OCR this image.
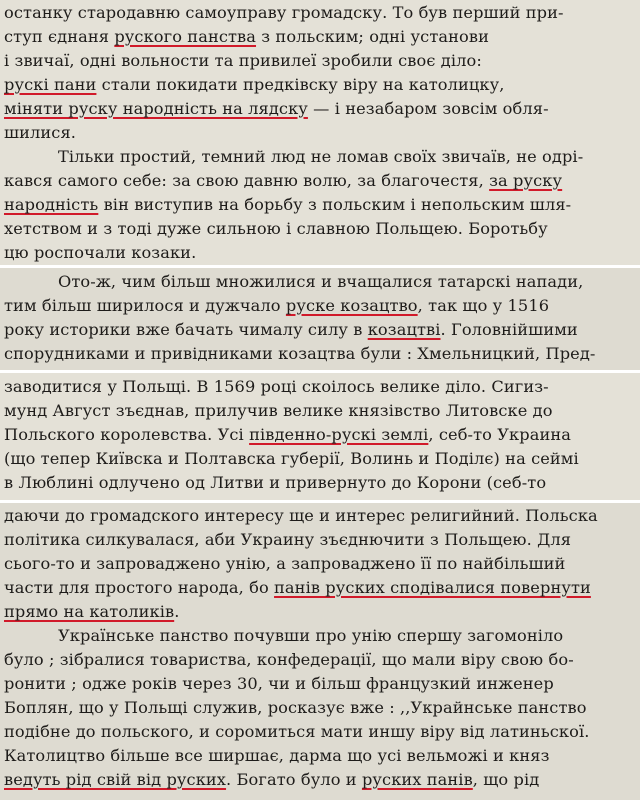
останку стародавню самоуправу громадску. То був перший при-
ступ єднаня руского панства з польским; одні установи
і звичаї, одні вольности та привилеї зробили своє діло:
рускі пани стали покидати предківску віру на католицку,
міняти руску народність на лядску — і незабаром зовсім обля-
шилися.
Тільки простий, темний люд не ломав своїх звичаїв, не одрі-
кався самого себе: за свою давню волю, за благочестя, за руску
народність він виступив на борьбу з польским і непольским шля-
хетством и з тоді дуже сильною і славною Польщею. Боротьбу
цю роспочали козаки.
Ото-ж, чим більш множилися и вчащалися татарскі напади,
тим більш ширилося и дужчало руске козацтво, так що у 1516
року историки вже бачать чималу силу в козацтві. Головнійшими
спорудниками и привідниками козацтва були : Хмельницкий, Пред-
заводитися у Польщі. В 1569 році скоілось велике діло. Сигиз-
мунд Август зъєднав, прилучив велике князівство Литовске до
Польского королевства. Усі південно-рускі землі, себ-то Украина
(що тепер Київска и Полтавска губерії, Волинь и Поділє) на сеймі
в Люблині одлучено од Литви и привернуто до Корони (себ-то
даючи до громадского интересу ще и интерес религийний. Польска
політика силкувалася, аби Украину зъєднючити з Польщею. Для
сього-то и запроваджено унію, а запроваджено її по найбільший
части для простого народа, бо панів руских сподівалися повернути
прямо на католиків.
Українське панство почувши про унію спершу загомоніло
було ; зібралися товариства, конфедерації, що мали віру свою бо-
ронити ; одже років через 30, чи и більш французкий инженер
Боплян, що у Польщі служив, росказує вже : ,,Украйнське панство
подібне до польского, и соромиться мати иншу віру від латиньскої.
Католицтво більше все ширшає, дарма що усі вельможі и княз
ведуть рід свій від руских. Богато було и руских панів, що рід
